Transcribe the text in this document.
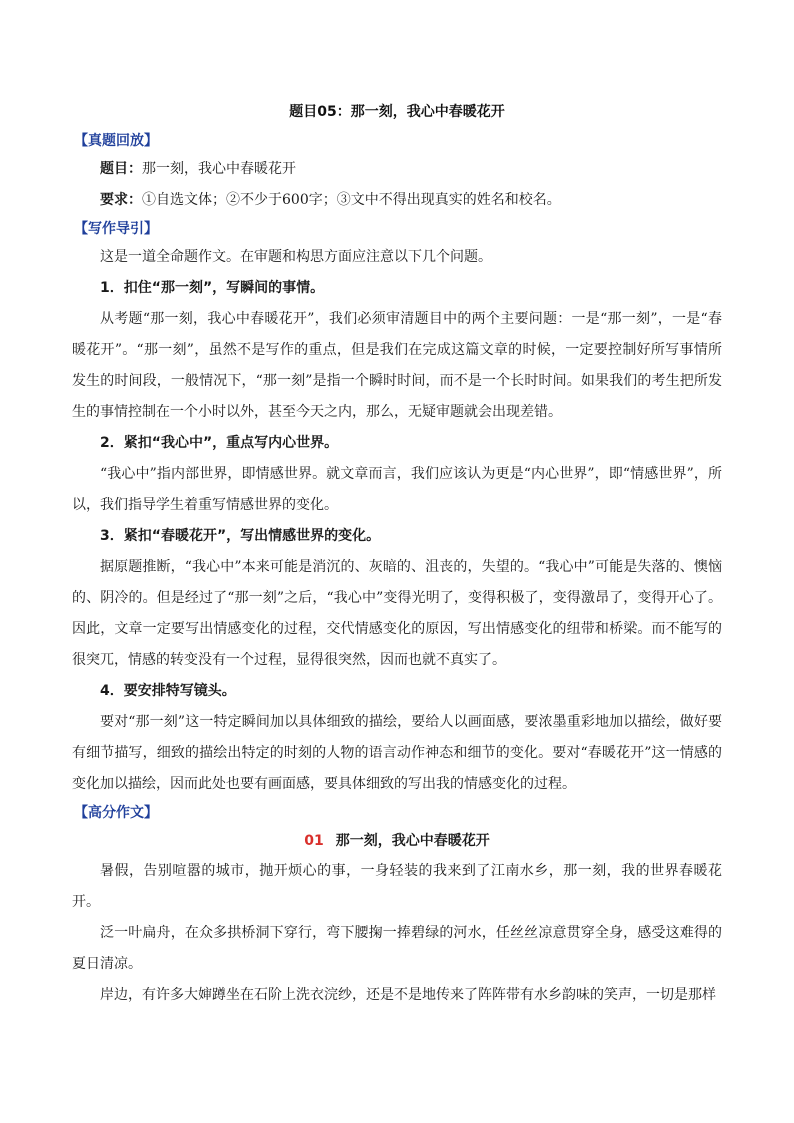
题目05：那一刻，我心中春暖花开
【真题回放】

题目：那一刻，我心中春暖花开

要求：①自选文体；②不少于600字；③文中不得出现真实的姓名和校名。

【写作导引】

这是一道全命题作文。在审题和构思方面应注意以下几个问题。

1．扣住“那一刻”，写瞬间的事情。

从考题“那一刻，我心中春暖花开”，我们必须审清题目中的两个主要问题：一是“那一刻”，一是“春暖花开”。“那一刻”，虽然不是写作的重点，但是我们在完成这篇文章的时候，一定要控制好所写事情所发生的时间段，一般情况下，“那一刻”是指一个瞬时时间，而不是一个长时时间。如果我们的考生把所发生的事情控制在一个小时以外，甚至今天之内，那么，无疑审题就会出现差错。

2．紧扣“我心中”，重点写内心世界。

“我心中”指内部世界，即情感世界。就文章而言，我们应该认为更是“内心世界”，即“情感世界”，所以，我们指导学生着重写情感世界的变化。

3．紧扣“春暖花开”，写出情感世界的变化。

据原题推断，“我心中”本来可能是消沉的、灰暗的、沮丧的，失望的。“我心中”可能是失落的、懊恼的、阴冷的。但是经过了“那一刻”之后，“我心中”变得光明了，变得积极了，变得激昂了，变得开心了。因此，文章一定要写出情感变化的过程，交代情感变化的原因，写出情感变化的纽带和桥梁。而不能写的很突兀，情感的转变没有一个过程，显得很突然，因而也就不真实了。

4．要安排特写镜头。

要对“那一刻”这一特定瞬间加以具体细致的描绘，要给人以画面感，要浓墨重彩地加以描绘，做好要有细节描写，细致的描绘出特定的时刻的人物的语言动作神态和细节的变化。要对“春暖花开”这一情感的变化加以描绘，因而此处也要有画面感，要具体细致的写出我的情感变化的过程。

【高分作文】
01 那一刻，我心中春暖花开

暑假，告别喧嚣的城市，抛开烦心的事，一身轻装的我来到了江南水乡，那一刻，我的世界春暖花开。

泛一叶扁舟，在众多拱桥洞下穿行，弯下腰掬一捧碧绿的河水，任丝丝凉意贯穿全身，感受这难得的夏日清凉。

岸边，有许多大婶蹲坐在石阶上洗衣浣纱，还是不是地传来了阵阵带有水乡韵味的笑声，一切是那样
